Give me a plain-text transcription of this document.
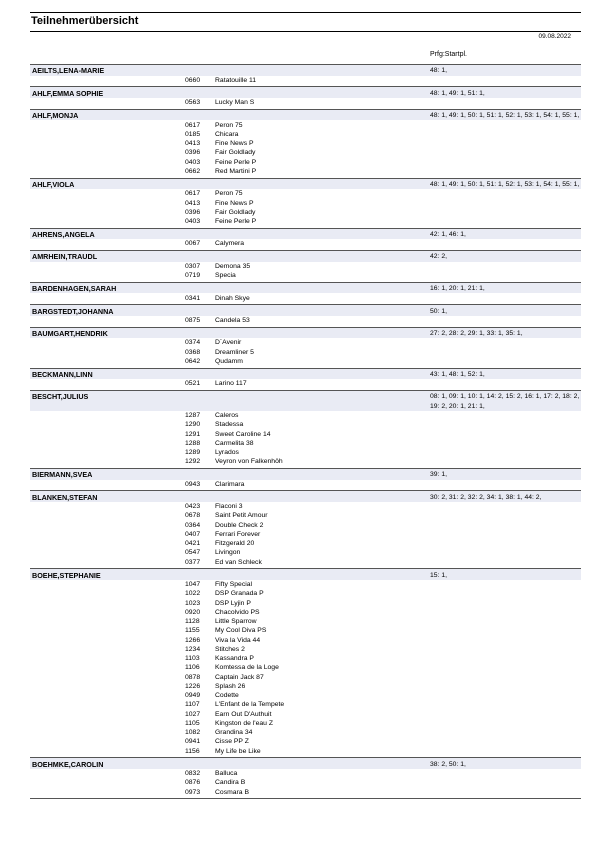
Teilnehmerübersicht
09.08.2022
Prfg:Startpl.
AEILTS,LENA-MARIE	48: 1,
0660 Ratatouille 11
AHLF,EMMA SOPHIE	48: 1, 49: 1, 51: 1,
0563 Lucky Man S
AHLF,MONJA	48: 1, 49: 1, 50: 1, 51: 1, 52: 1, 53: 1, 54: 1, 55: 1,
0617 Peron 75
0185 Chicara
0413 Fine News P
0396 Fair Goldlady
0403 Feine Perle P
0662 Red Martini P
AHLF,VIOLA	48: 1, 49: 1, 50: 1, 51: 1, 52: 1, 53: 1, 54: 1, 55: 1,
0617 Peron 75
0413 Fine News P
0396 Fair Goldlady
0403 Feine Perle P
AHRENS,ANGELA	42: 1, 46: 1,
0067 Calymera
AMRHEIN,TRAUDL	42: 2,
0307 Demona 35
0719 Specia
BARDENHAGEN,SARAH	16: 1, 20: 1, 21: 1,
0341 Dinah Skye
BARGSTEDT,JOHANNA	50: 1,
0875 Candela 53
BAUMGART,HENDRIK	27: 2, 28: 2, 29: 1, 33: 1, 35: 1,
0374 D`Avenir
0368 Dreamliner 5
0642 Qudamm
BECKMANN,LINN	43: 1, 48: 1, 52: 1,
0521 Larino 117
BESCHT,JULIUS	08: 1, 09: 1, 10: 1, 14: 2, 15: 2, 16: 1, 17: 2, 18: 2, 19: 2, 20: 1, 21: 1,
1287 Caleros
1290 Stadessa
1291 Sweet Caroline 14
1288 Carmelita 38
1289 Lyrados
1292 Veyron von Falkenhöh
BIERMANN,SVEA	39: 1,
0943 Clarimara
BLANKEN,STEFAN	30: 2, 31: 2, 32: 2, 34: 1, 38: 1, 44: 2,
0423 Flaconi 3
0678 Saint Petit Amour
0364 Double Check 2
0407 Ferrari Forever
0421 Fitzgerald 20
0547 Livingon
0377 Ed van Schleck
BOEHE,STEPHANIE	15: 1,
1047 Fifty Special
1022 DSP Granada P
1023 DSP Lyjin P
0920 Chacolvido PS
1128 Little Sparrow
1155 My Cool Diva PS
1266 Viva la Vida 44
1234 Stitches 2
1103 Kassandra P
1106 Komtessa de la Loge
0878 Captain Jack 87
1226 Splash 26
0949 Codette
1107 L'Enfant de la Tempete
1027 Earn Out D'Authuit
1105 Kingston de l'eau Z
1082 Grandina 34
0941 Cisse PP Z
1156 My Life be Like
BOEHMKE,CAROLIN	38: 2, 50: 1,
0832 Balluca
0876 Candira B
0973 Cosmara B
